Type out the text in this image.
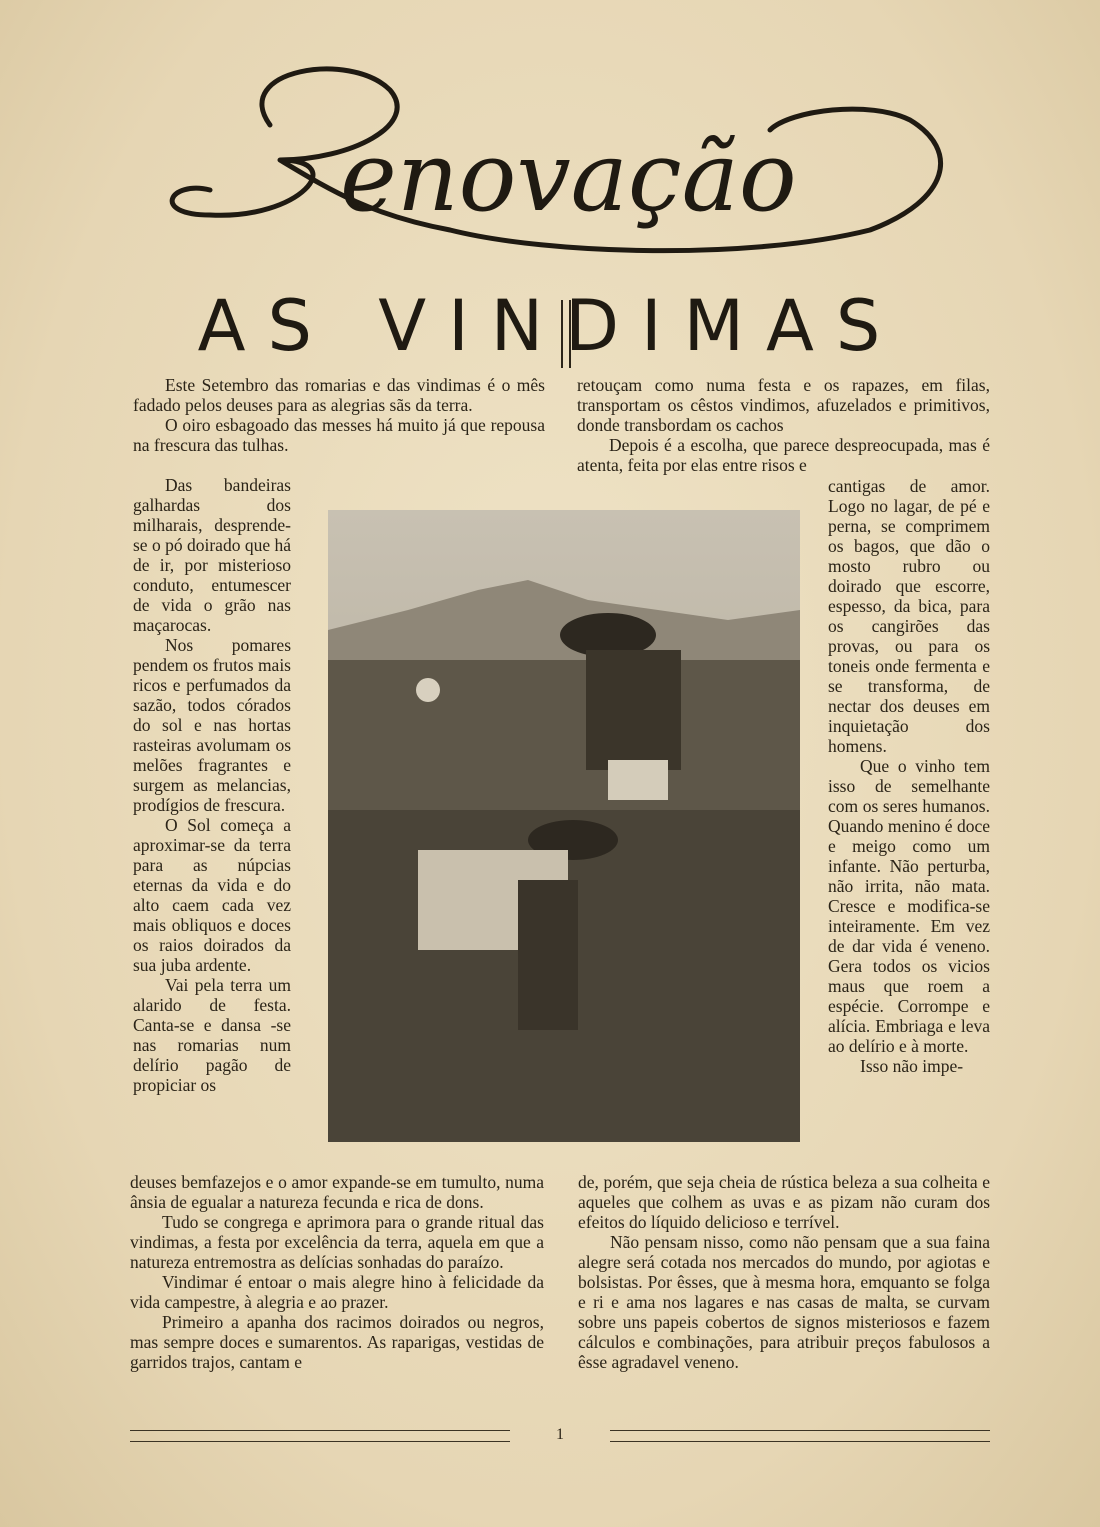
enovação
AS VINDIMAS

Este Setembro das romarias e das vindimas é o mês fadado pelos deuses para as alegrias sãs da terra.

O oiro esbagoado das messes há muito já que repousa na frescura das tulhas.

Das bandeiras galhardas dos milharais, desprende-se o pó doirado que há de ir, por misterioso conduto, entumescer de vida o grão nas maçarocas.

Nos pomares pendem os frutos mais ricos e perfumados da sazão, todos córados do sol e nas hortas rasteiras avolumam os melões fragrantes e surgem as melancias, prodígios de frescura.

O Sol começa a aproximar-se da terra para as núpcias eternas da vida e do alto caem cada vez mais obliquos e doces os raios doirados da sua juba ardente.

Vai pela terra um alarido de festa. Canta-se e dansa -se nas romarias num delírio pagão de propiciar os

deuses bemfazejos e o amor expande-se em tumulto, numa ânsia de egualar a natureza fecunda e rica de dons.

Tudo se congrega e aprimora para o grande ritual das vindimas, a festa por excelência da terra, aquela em que a natureza entremostra as delícias sonhadas do paraízo.

Vindimar é entoar o mais alegre hino à felicidade da vida campestre, à alegria e ao prazer.

Primeiro a apanha dos racimos doirados ou negros, mas sempre doces e sumarentos. As raparigas, vestidas de garridos trajos, cantam e

retouçam como numa festa e os rapazes, em filas, transportam os cêstos vindimos, afuzelados e primitivos, donde transbordam os cachos

Depois é a escolha, que parece despreocupada, mas é atenta, feita por elas entre risos e

cantigas de amor. Logo no lagar, de pé e perna, se comprimem os bagos, que dão o mosto rubro ou doirado que escorre, espesso, da bica, para os cangirões das provas, ou para os toneis onde fermenta e se transforma, de nectar dos deuses em inquietação dos homens.

Que o vinho tem isso de semelhante com os seres humanos. Quando menino é doce e meigo como um infante. Não perturba, não irrita, não mata. Cresce e modifica-se inteiramente. Em vez de dar vida é veneno. Gera todos os vicios maus que roem a espécie. Corrompe e alícia. Embriaga e leva ao delírio e à morte.

Isso não impe-

de, porém, que seja cheia de rústica beleza a sua colheita e aqueles que colhem as uvas e as pizam não curam dos efeitos do líquido delicioso e terrível.

Não pensam nisso, como não pensam que a sua faina alegre será cotada nos mercados do mundo, por agiotas e bolsistas. Por êsses, que à mesma hora, emquanto se folga e ri e ama nos lagares e nas casas de malta, se curvam sobre uns papeis cobertos de signos misteriosos e fazem cálculos e combinações, para atribuir preços fabulosos a êsse agradavel veneno.

1
